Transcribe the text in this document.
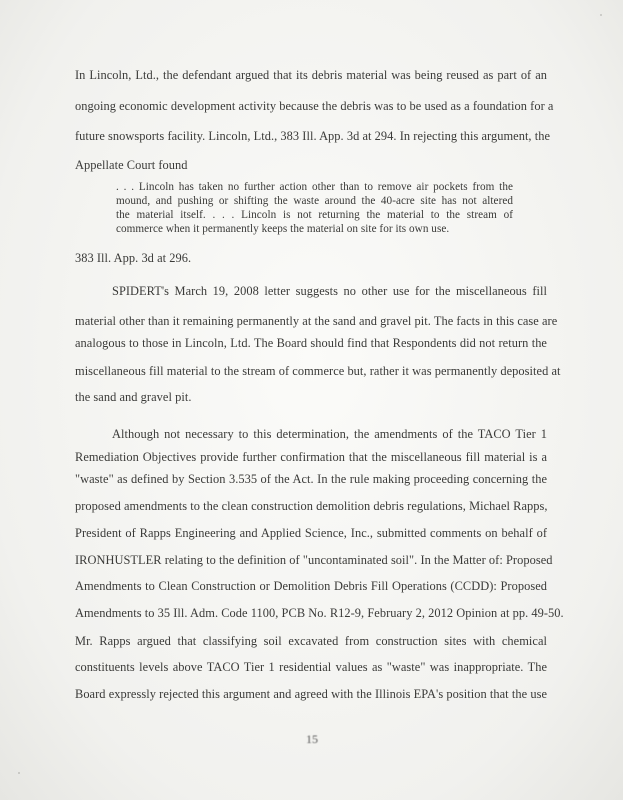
In Lincoln, Ltd., the defendant argued that its debris material was being reused as part of an
ongoing economic development activity because the debris was to be used as a foundation for a
future snowsports facility. Lincoln, Ltd., 383 Ill. App. 3d at 294. In rejecting this argument, the
Appellate Court found
. . . Lincoln has taken no further action other than to remove air pockets from the
mound, and pushing or shifting the waste around the 40-acre site has not altered
the material itself. . . . Lincoln is not returning the material to the stream of
commerce when it permanently keeps the material on site for its own use.
383 Ill. App. 3d at 296.
SPIDERT's March 19, 2008 letter suggests no other use for the miscellaneous fill
material other than it remaining permanently at the sand and gravel pit. The facts in this case are
analogous to those in Lincoln, Ltd. The Board should find that Respondents did not return the
miscellaneous fill material to the stream of commerce but, rather it was permanently deposited at
the sand and gravel pit.
Although not necessary to this determination, the amendments of the TACO Tier 1
Remediation Objectives provide further confirmation that the miscellaneous fill material is a
"waste" as defined by Section 3.535 of the Act. In the rule making proceeding concerning the
proposed amendments to the clean construction demolition debris regulations, Michael Rapps,
President of Rapps Engineering and Applied Science, Inc., submitted comments on behalf of
IRONHUSTLER relating to the definition of "uncontaminated soil". In the Matter of: Proposed
Amendments to Clean Construction or Demolition Debris Fill Operations (CCDD): Proposed
Amendments to 35 Ill. Adm. Code 1100, PCB No. R12-9, February 2, 2012 Opinion at pp. 49-50.
Mr. Rapps argued that classifying soil excavated from construction sites with chemical
constituents levels above TACO Tier 1 residential values as "waste" was inappropriate. The
Board expressly rejected this argument and agreed with the Illinois EPA's position that the use
15
